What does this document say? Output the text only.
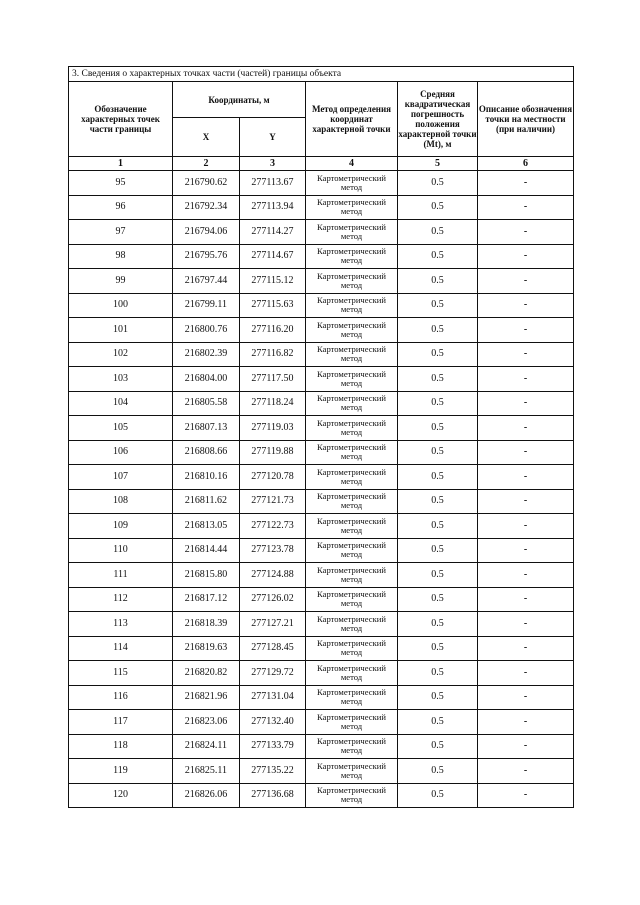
3. Сведения о характерных точках части (частей) границы объекта					
Обозначение характерных точек части границы	Координаты, м		Метод определения координат характерной точки	Средняя квадратическая погрешность положения характерной точки (Мt), м	Описание обозначения точки на местности (при наличии)
	X	Y			
1	2	3	4	5	6
95	216790.62	277113.67	Картометрический метод	0.5	-
96	216792.34	277113.94	Картометрический метод	0.5	-
97	216794.06	277114.27	Картометрический метод	0.5	-
98	216795.76	277114.67	Картометрический метод	0.5	-
99	216797.44	277115.12	Картометрический метод	0.5	-
100	216799.11	277115.63	Картометрический метод	0.5	-
101	216800.76	277116.20	Картометрический метод	0.5	-
102	216802.39	277116.82	Картометрический метод	0.5	-
103	216804.00	277117.50	Картометрический метод	0.5	-
104	216805.58	277118.24	Картометрический метод	0.5	-
105	216807.13	277119.03	Картометрический метод	0.5	-
106	216808.66	277119.88	Картометрический метод	0.5	-
107	216810.16	277120.78	Картометрический метод	0.5	-
108	216811.62	277121.73	Картометрический метод	0.5	-
109	216813.05	277122.73	Картометрический метод	0.5	-
110	216814.44	277123.78	Картометрический метод	0.5	-
111	216815.80	277124.88	Картометрический метод	0.5	-
112	216817.12	277126.02	Картометрический метод	0.5	-
113	216818.39	277127.21	Картометрический метод	0.5	-
114	216819.63	277128.45	Картометрический метод	0.5	-
115	216820.82	277129.72	Картометрический метод	0.5	-
116	216821.96	277131.04	Картометрический метод	0.5	-
117	216823.06	277132.40	Картометрический метод	0.5	-
118	216824.11	277133.79	Картометрический метод	0.5	-
119	216825.11	277135.22	Картометрический метод	0.5	-
120	216826.06	277136.68	Картометрический метод	0.5	-
